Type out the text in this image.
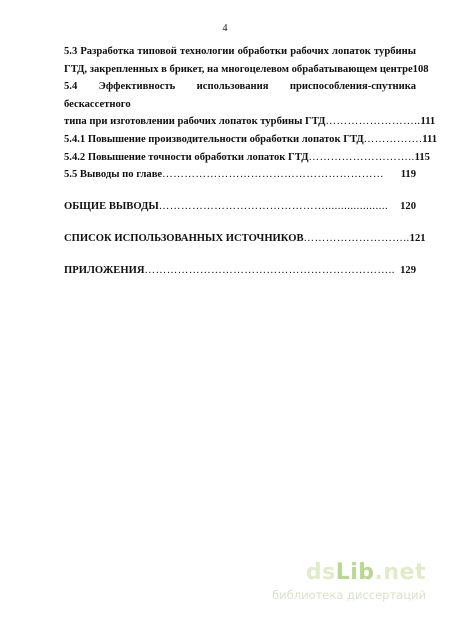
4
5.3 Разработка типовой технологии обработки рабочих лопаток турбины
ГТД, закрепленных в брикет, на многоцелевом обрабатывающем центре 108
5.4 Эффективность использования приспособления-спутника бескассетного
типа при изготовлении рабочих лопаток турбины ГТД …………………….. 111
5.4.1 Повышение производительности обработки лопаток ГТД ……………. 111
5.4.2 Повышение точности обработки лопаток ГТД ……………………….. 115
5.5 Выводы по главе ……………………………………………………	119
ОБЩИЕ ВЫВОДЫ ………………………………………....................	120
СПИСОК ИСПОЛЬЗОВАННЫХ ИСТОЧНИКОВ ……………………….. 121
ПРИЛОЖЕНИЯ ………………………………………………………….. 129
dsLib.net
библиотека диссертаций
